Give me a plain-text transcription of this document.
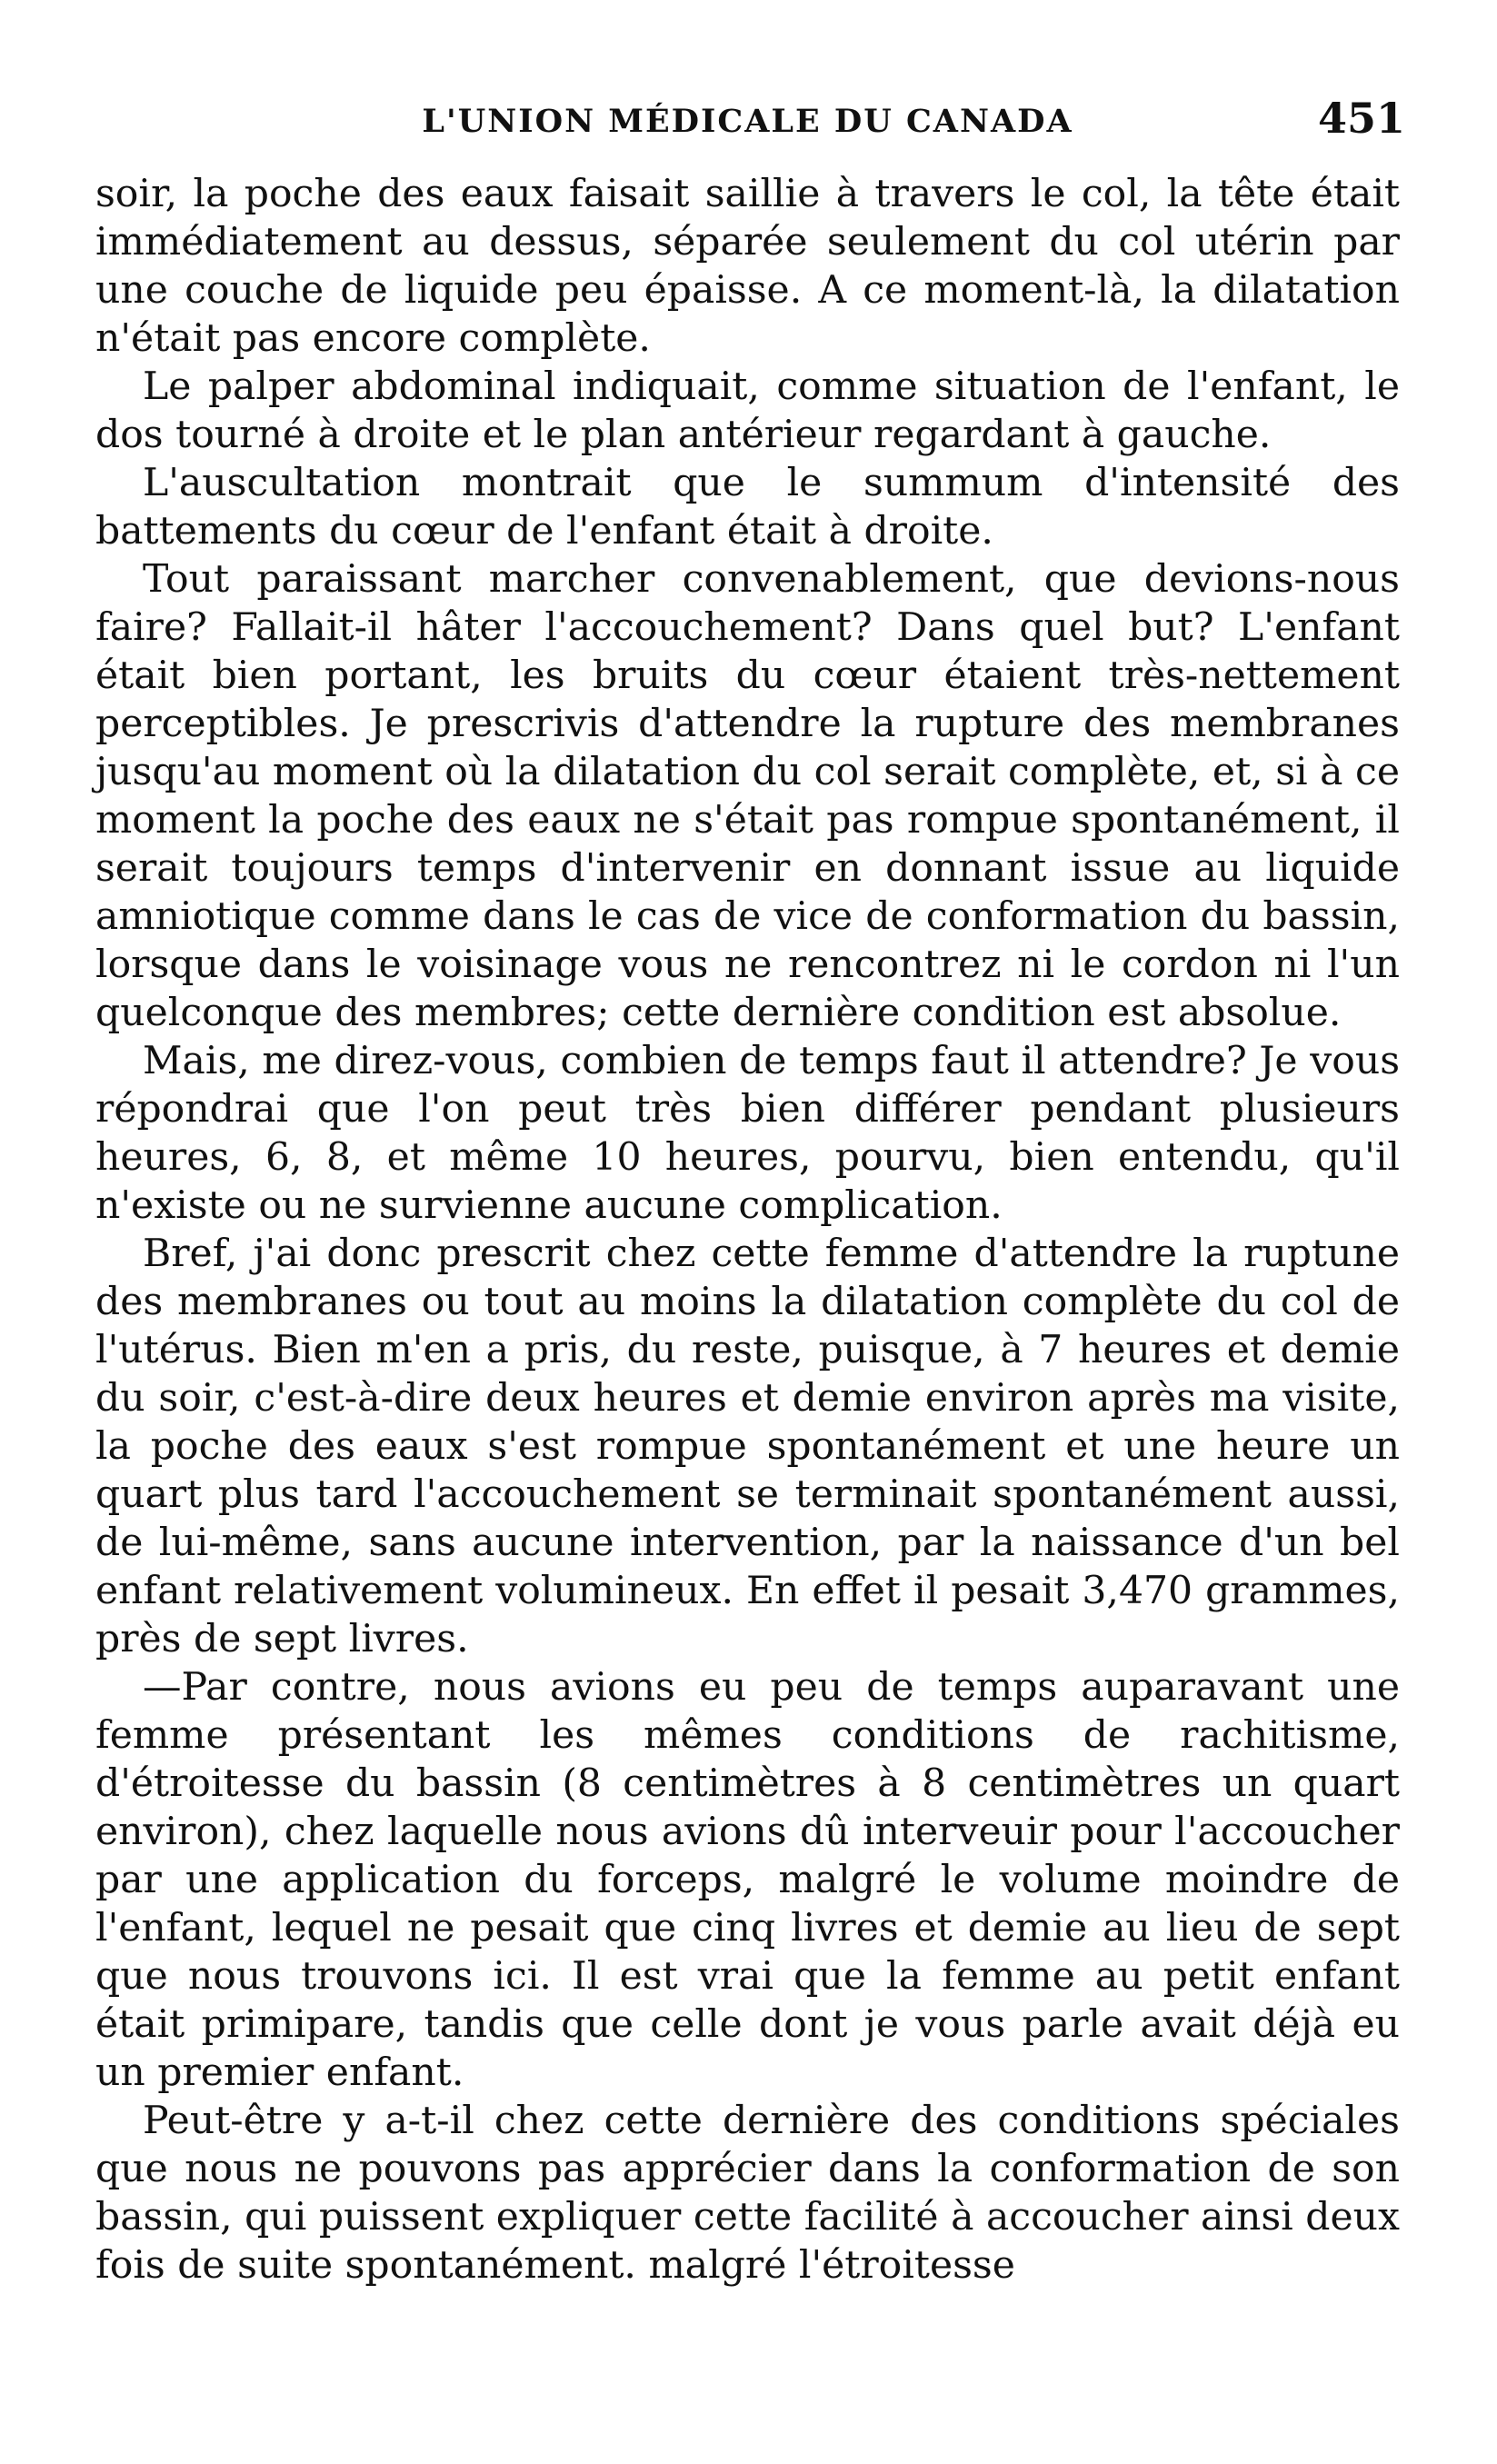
L'UNION MÉDICALE DU CANADA	451

soir, la poche des eaux faisait saillie à travers le col, la tête était immédiatement au dessus, séparée seulement du col utérin par une couche de liquide peu épaisse. A ce moment-là, la dilatation n'était pas encore complète.

Le palper abdominal indiquait, comme situation de l'enfant, le dos tourné à droite et le plan antérieur regardant à gauche.

L'auscultation montrait que le summum d'intensité des battements du cœur de l'enfant était à droite.

Tout paraissant marcher convenablement, que devions-nous faire? Fallait-il hâter l'accouchement? Dans quel but? L'enfant était bien portant, les bruits du cœur étaient très-nettement perceptibles. Je prescrivis d'attendre la rupture des membranes jusqu'au moment où la dilatation du col serait complète, et, si à ce moment la poche des eaux ne s'était pas rompue spontanément, il serait toujours temps d'intervenir en donnant issue au liquide amniotique comme dans le cas de vice de conformation du bassin, lorsque dans le voisinage vous ne rencontrez ni le cordon ni l'un quelconque des membres; cette dernière condition est absolue.

Mais, me direz-vous, combien de temps faut il attendre? Je vous répondrai que l'on peut très bien différer pendant plusieurs heures, 6, 8, et même 10 heures, pourvu, bien entendu, qu'il n'existe ou ne survienne aucune complication.

Bref, j'ai donc prescrit chez cette femme d'attendre la ruptune des membranes ou tout au moins la dilatation complète du col de l'utérus. Bien m'en a pris, du reste, puisque, à 7 heures et demie du soir, c'est-à-dire deux heures et demie environ après ma visite, la poche des eaux s'est rompue spontanément et une heure un quart plus tard l'accouchement se terminait spontanément aussi, de lui-même, sans aucune intervention, par la naissance d'un bel enfant relativement volumineux. En effet il pesait 3,470 grammes, près de sept livres.

—Par contre, nous avions eu peu de temps auparavant une femme présentant les mêmes conditions de rachitisme, d'étroitesse du bassin (8 centimètres à 8 centimètres un quart environ), chez laquelle nous avions dû interveuir pour l'accoucher par une application du forceps, malgré le volume moindre de l'enfant, lequel ne pesait que cinq livres et demie au lieu de sept que nous trouvons ici. Il est vrai que la femme au petit enfant était primipare, tandis que celle dont je vous parle avait déjà eu un premier enfant.

Peut-être y a-t-il chez cette dernière des conditions spéciales que nous ne pouvons pas apprécier dans la conformation de son bassin, qui puissent expliquer cette facilité à accoucher ainsi deux fois de suite spontanément. malgré l'étroitesse
